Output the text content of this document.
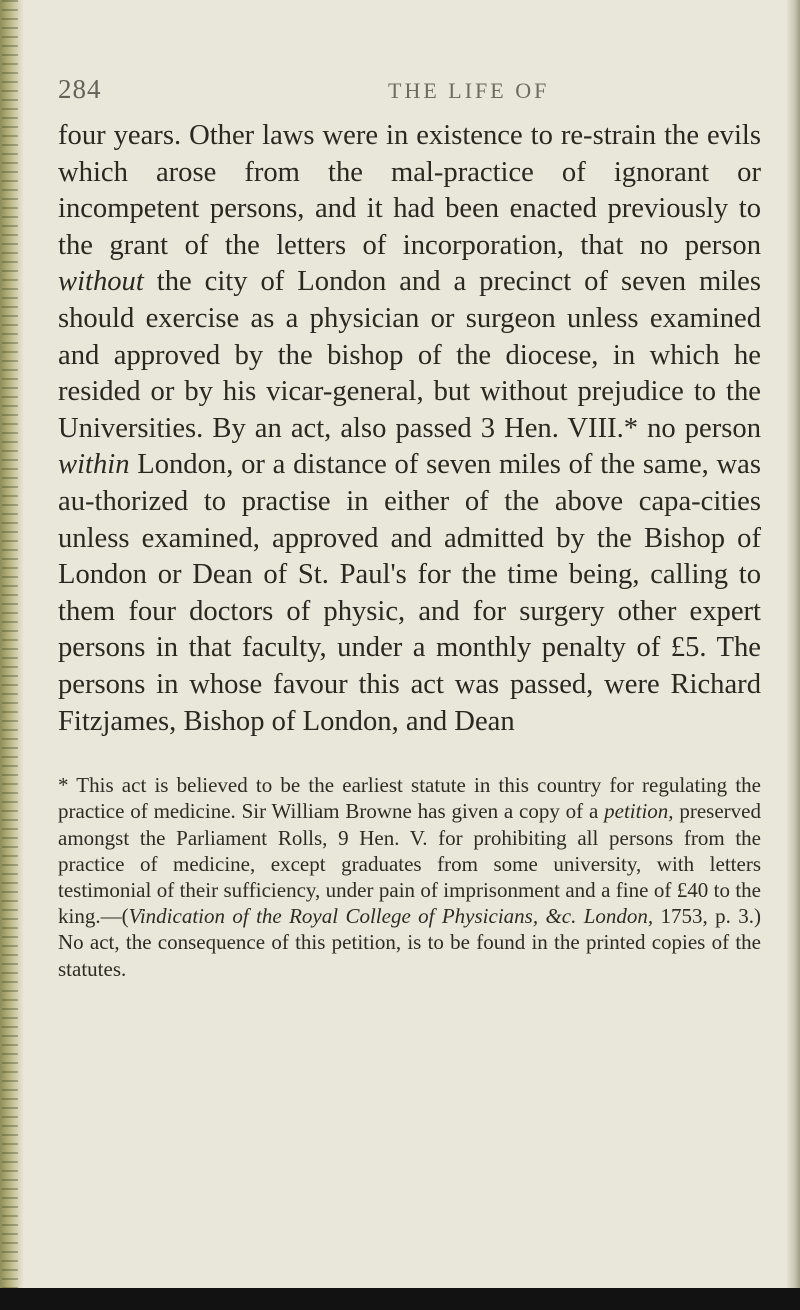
284	THE LIFE OF

four years. Other laws were in existence to re-strain the evils which arose from the mal-practice of ignorant or incompetent persons, and it had been enacted previously to the grant of the letters of incorporation, that no person without the city of London and a precinct of seven miles should exercise as a physician or surgeon unless examined and approved by the bishop of the diocese, in which he resided or by his vicar-general, but without prejudice to the Universities. By an act, also passed 3 Hen. VIII.* no person within London, or a distance of seven miles of the same, was au-thorized to practise in either of the above capa-cities unless examined, approved and admitted by the Bishop of London or Dean of St. Paul's for the time being, calling to them four doctors of physic, and for surgery other expert persons in that faculty, under a monthly penalty of £5. The persons in whose favour this act was passed, were Richard Fitzjames, Bishop of London, and Dean

* This act is believed to be the earliest statute in this country for regulating the practice of medicine. Sir William Browne has given a copy of a petition, preserved amongst the Parliament Rolls, 9 Hen. V. for prohibiting all persons from the practice of medicine, except graduates from some university, with letters testimonial of their sufficiency, under pain of imprisonment and a fine of £40 to the king.—(Vindication of the Royal College of Physicians, &c. London, 1753, p. 3.) No act, the consequence of this petition, is to be found in the printed copies of the statutes.
